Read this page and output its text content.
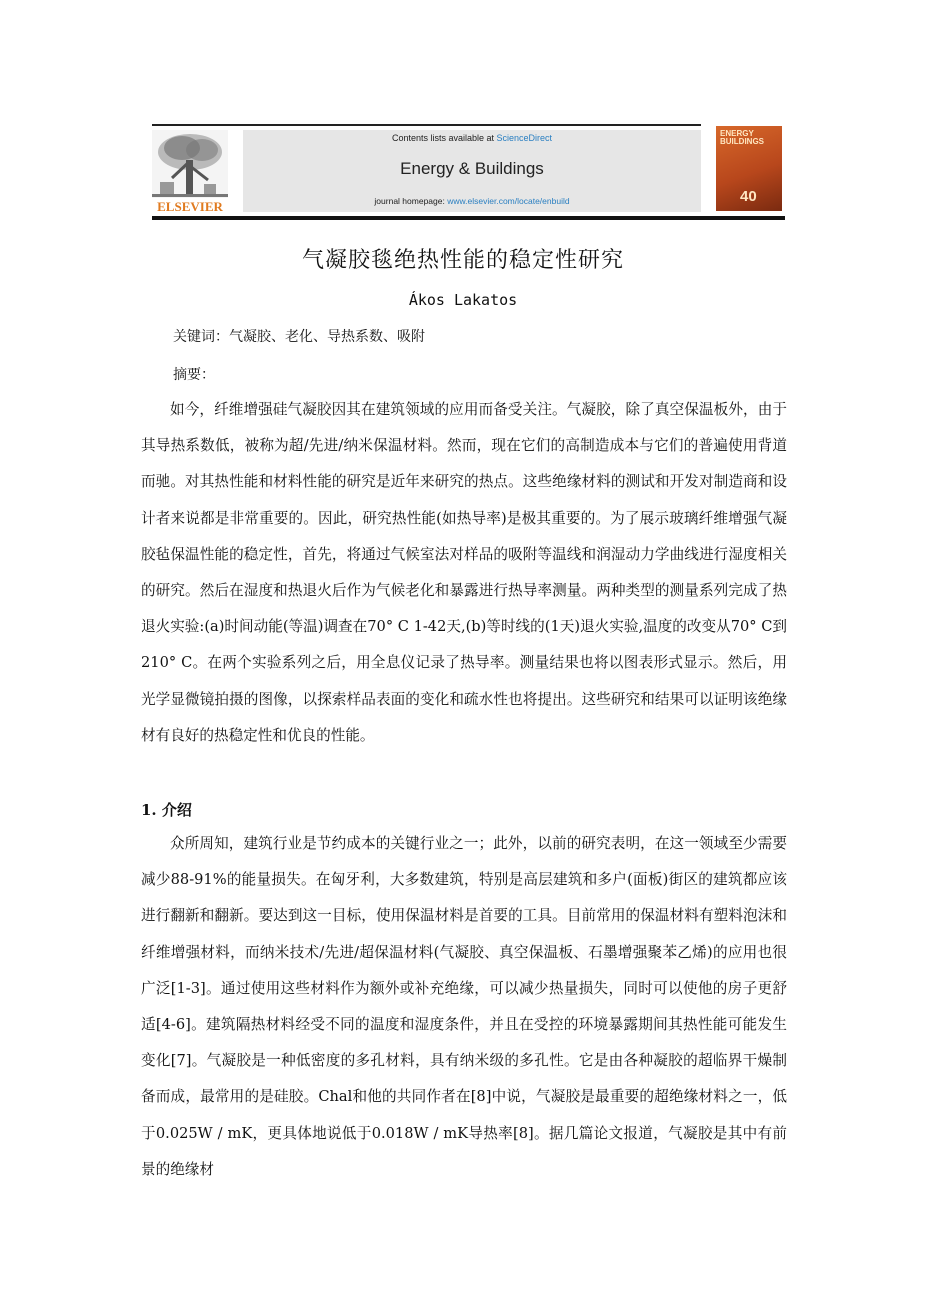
ELSEVIER
Contents lists available at ScienceDirect
Energy & Buildings
journal homepage: www.elsevier.com/locate/enbuild
ENERGY BUILDINGS
40
气凝胶毯绝热性能的稳定性研究
Ákos Lakatos
关键词：气凝胶、老化、导热系数、吸附
摘要：

如今，纤维增强硅气凝胶因其在建筑领域的应用而备受关注。气凝胶，除了真空保温板外，由于其导热系数低，被称为超/先进/纳米保温材料。然而，现在它们的高制造成本与它们的普遍使用背道而驰。对其热性能和材料性能的研究是近年来研究的热点。这些绝缘材料的测试和开发对制造商和设计者来说都是非常重要的。因此，研究热性能(如热导率)是极其重要的。为了展示玻璃纤维增强气凝胶毡保温性能的稳定性，首先，将通过气候室法对样品的吸附等温线和润湿动力学曲线进行湿度相关的研究。然后在湿度和热退火后作为气候老化和暴露进行热导率测量。两种类型的测量系列完成了热退火实验:(a)时间动能(等温)调查在70° C 1-42天,(b)等时线的(1天)退火实验,温度的改变从70° C到210° C。在两个实验系列之后，用全息仪记录了热导率。测量结果也将以图表形式显示。然后，用光学显微镜拍摄的图像，以探索样品表面的变化和疏水性也将提出。这些研究和结果可以证明该绝缘材有良好的热稳定性和优良的性能。

1. 介绍

众所周知，建筑行业是节约成本的关键行业之一；此外，以前的研究表明，在这一领域至少需要减少88-91%的能量损失。在匈牙利，大多数建筑，特别是高层建筑和多户(面板)街区的建筑都应该进行翻新和翻新。要达到这一目标，使用保温材料是首要的工具。目前常用的保温材料有塑料泡沫和纤维增强材料，而纳米技术/先进/超保温材料(气凝胶、真空保温板、石墨增强聚苯乙烯)的应用也很广泛[1-3]。通过使用这些材料作为额外或补充绝缘，可以减少热量损失，同时可以使他的房子更舒适[4-6]。建筑隔热材料经受不同的温度和湿度条件，并且在受控的环境暴露期间其热性能可能发生变化[7]。气凝胶是一种低密度的多孔材料，具有纳米级的多孔性。它是由各种凝胶的超临界干燥制备而成，最常用的是硅胶。Chal和他的共同作者在[8]中说，气凝胶是最重要的超绝缘材料之一，低于0.025W / mK，更具体地说低于0.018W / mK导热率[8]。据几篇论文报道，气凝胶是其中有前景的绝缘材
